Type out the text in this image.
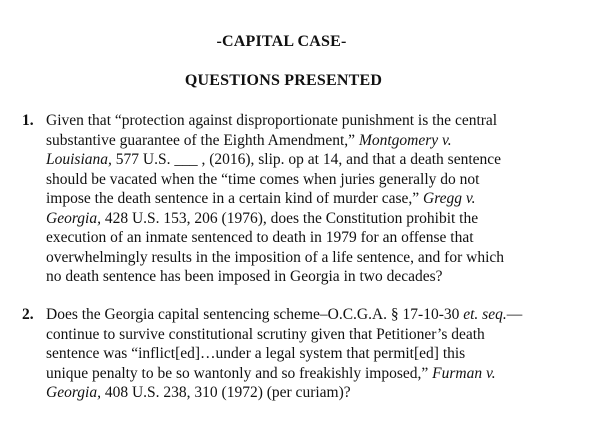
-CAPITAL CASE-
QUESTIONS PRESENTED
1. Given that “protection against disproportionate punishment is the central
substantive guarantee of the Eighth Amendment,” Montgomery v.
Louisiana, 577 U.S. ___ , (2016), slip. op at 14, and that a death sentence
should be vacated when the “time comes when juries generally do not
impose the death sentence in a certain kind of murder case,” Gregg v.
Georgia, 428 U.S. 153, 206 (1976), does the Constitution prohibit the
execution of an inmate sentenced to death in 1979 for an offense that
overwhelmingly results in the imposition of a life sentence, and for which
no death sentence has been imposed in Georgia in two decades?
2. Does the Georgia capital sentencing scheme–O.C.G.A. § 17-10-30 et. seq.—
continue to survive constitutional scrutiny given that Petitioner’s death
sentence was “inflict[ed]…under a legal system that permit[ed] this
unique penalty to be so wantonly and so freakishly imposed,” Furman v.
Georgia, 408 U.S. 238, 310 (1972) (per curiam)?
